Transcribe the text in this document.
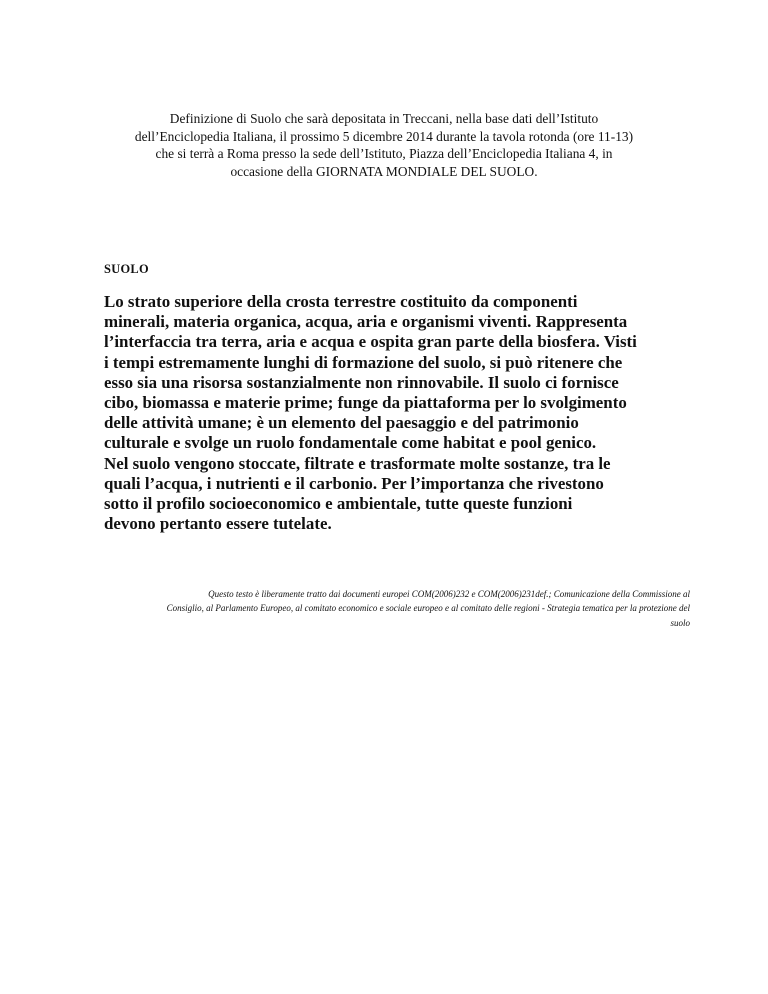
Definizione di Suolo che sarà depositata in Treccani, nella base dati dell’Istituto
dell’Enciclopedia Italiana, il prossimo 5 dicembre 2014 durante la tavola rotonda (ore 11-13)
che si terrà a Roma presso la sede dell’Istituto, Piazza dell’Enciclopedia Italiana 4, in
occasione della GIORNATA MONDIALE DEL SUOLO.

SUOLO

Lo strato superiore della crosta terrestre costituito da componenti
minerali, materia organica, acqua, aria e organismi viventi. Rappresenta
l’interfaccia tra terra, aria e acqua e ospita gran parte della biosfera. Visti
i tempi estremamente lunghi di formazione del suolo, si può ritenere che
esso sia una risorsa sostanzialmente non rinnovabile. Il suolo ci fornisce
cibo, biomassa e materie prime; funge da piattaforma per lo svolgimento
delle attività umane; è un elemento del paesaggio e del patrimonio
culturale e svolge un ruolo fondamentale come habitat e pool genico.
Nel suolo vengono stoccate, filtrate e trasformate molte sostanze, tra le
quali l’acqua, i nutrienti e il carbonio. Per l’importanza che rivestono
sotto il profilo socioeconomico e ambientale, tutte queste funzioni
devono pertanto essere tutelate.

Questo testo è liberamente tratto dai documenti europei COM(2006)232 e COM(2006)231def.; Comunicazione della Commissione al
Consiglio, al Parlamento Europeo, al comitato economico e sociale europeo e al comitato delle regioni - Strategia tematica per la protezione del
suolo
